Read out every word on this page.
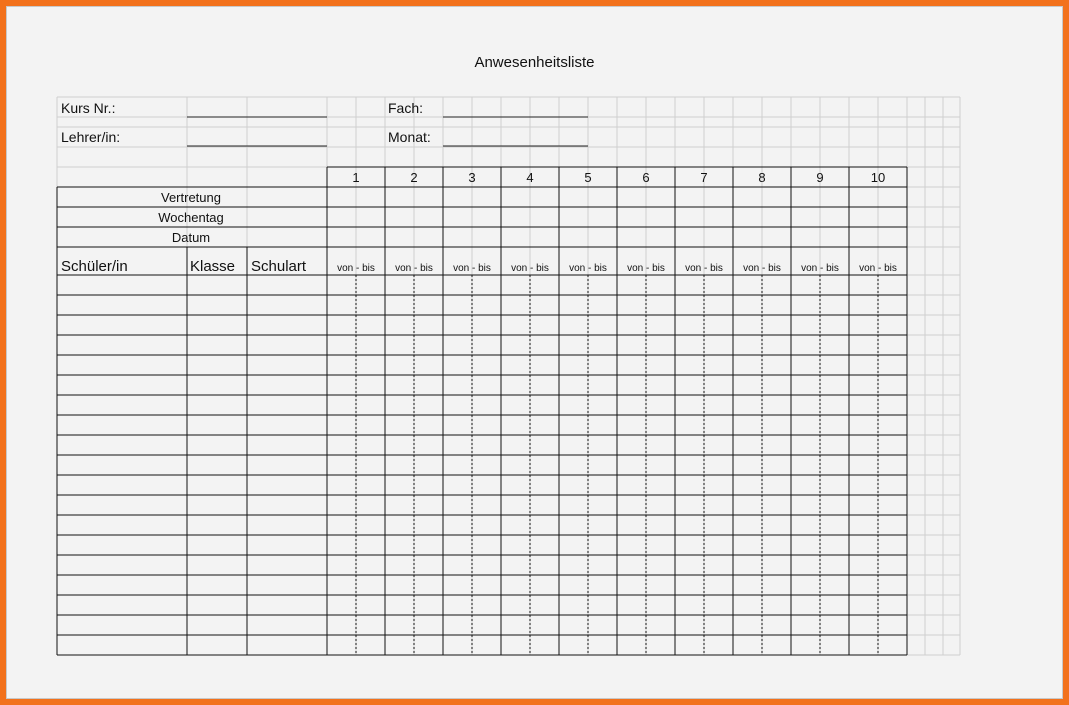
Anwesenheitsliste
Kurs Nr.:
Lehrer/in:
Fach:
Monat:
1
von - bis
2
von - bis
3
von - bis
4
von - bis
5
von - bis
6
von - bis
7
von - bis
8
von - bis
9
von - bis
10
von - bis
Vertretung
Wochentag
Datum
Schüler/in	Klasse Schulart
